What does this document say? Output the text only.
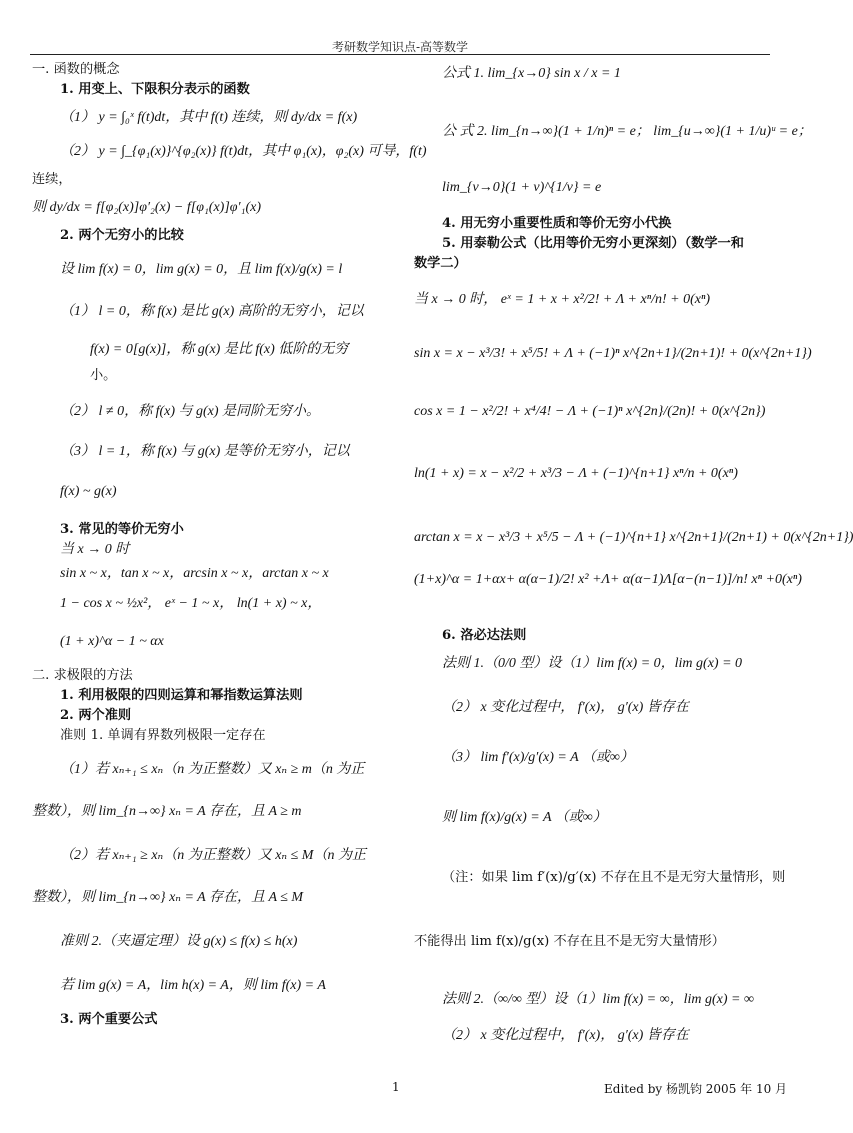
考研数学知识点-高等数学

一. 函数的概念

1. 用变上、下限积分表示的函数

（1） y = ∫₀ˣ f(t)dt，其中 f(t) 连续，则 dy/dx = f(x)

（2） y = ∫_{φ₁(x)}^{φ₂(x)} f(t)dt，其中 φ₁(x)，φ₂(x) 可导，f(t)

连续，

则 dy/dx = f[φ₂(x)]φ′₂(x) − f[φ₁(x)]φ′₁(x)

2. 两个无穷小的比较

设 lim f(x) = 0，lim g(x) = 0，且 lim f(x)/g(x) = l

（1） l = 0，称 f(x) 是比 g(x) 高阶的无穷小，记以

f(x) = 0[g(x)]，称 g(x) 是比 f(x) 低阶的无穷

小。

（2） l ≠ 0，称 f(x) 与 g(x) 是同阶无穷小。

（3） l = 1，称 f(x) 与 g(x) 是等价无穷小，记以

f(x) ~ g(x)

3. 常见的等价无穷小

当 x → 0 时

sin x ~ x，tan x ~ x，arcsin x ~ x，arctan x ~ x

1 − cos x ~ ½x²， eˣ − 1 ~ x， ln(1 + x) ~ x，

(1 + x)^α − 1 ~ αx

二. 求极限的方法

1. 利用极限的四则运算和幂指数运算法则

2. 两个准则

准则 1. 单调有界数列极限一定存在

（1）若 xₙ₊₁ ≤ xₙ（n 为正整数）又 xₙ ≥ m（n 为正

整数），则 lim_{n→∞} xₙ = A 存在，且 A ≥ m

（2）若 xₙ₊₁ ≥ xₙ（n 为正整数）又 xₙ ≤ M（n 为正

整数），则 lim_{n→∞} xₙ = A 存在，且 A ≤ M

准则 2.（夹逼定理）设 g(x) ≤ f(x) ≤ h(x)

若 lim g(x) = A，lim h(x) = A，则 lim f(x) = A

3. 两个重要公式

公式 1. lim_{x→0} sin x / x = 1

公 式 2. lim_{n→∞}(1 + 1/n)ⁿ = e； lim_{u→∞}(1 + 1/u)ᵘ = e；

lim_{v→0}(1 + v)^{1/v} = e

4. 用无穷小重要性质和等价无穷小代换

5. 用泰勒公式（比用等价无穷小更深刻）（数学一和

数学二）

当 x → 0 时， eˣ = 1 + x + x²/2! + Λ + xⁿ/n! + 0(xⁿ)

sin x = x − x³/3! + x⁵/5! + Λ + (−1)ⁿ x^{2n+1}/(2n+1)! + 0(x^{2n+1})

cos x = 1 − x²/2! + x⁴/4! − Λ + (−1)ⁿ x^{2n}/(2n)! + 0(x^{2n})

ln(1 + x) = x − x²/2 + x³/3 − Λ + (−1)^{n+1} xⁿ/n + 0(xⁿ)

arctan x = x − x³/3 + x⁵/5 − Λ + (−1)^{n+1} x^{2n+1}/(2n+1) + 0(x^{2n+1})

(1+x)^α = 1+αx+ α(α−1)/2! x² +Λ+ α(α−1)Λ[α−(n−1)]/n! xⁿ +0(xⁿ)

6. 洛必达法则

法则 1.（0/0 型）设（1）lim f(x) = 0，lim g(x) = 0

（2） x 变化过程中， f′(x)， g′(x) 皆存在

（3） lim f′(x)/g′(x) = A （或∞）

则 lim f(x)/g(x) = A （或∞）

（注：如果 lim f′(x)/g′(x) 不存在且不是无穷大量情形，则

不能得出 lim f(x)/g(x) 不存在且不是无穷大量情形）

法则 2.（∞/∞ 型）设（1）lim f(x) = ∞，lim g(x) = ∞

（2） x 变化过程中， f′(x)， g′(x) 皆存在

1	Edited by 杨凯钧 2005 年 10 月
